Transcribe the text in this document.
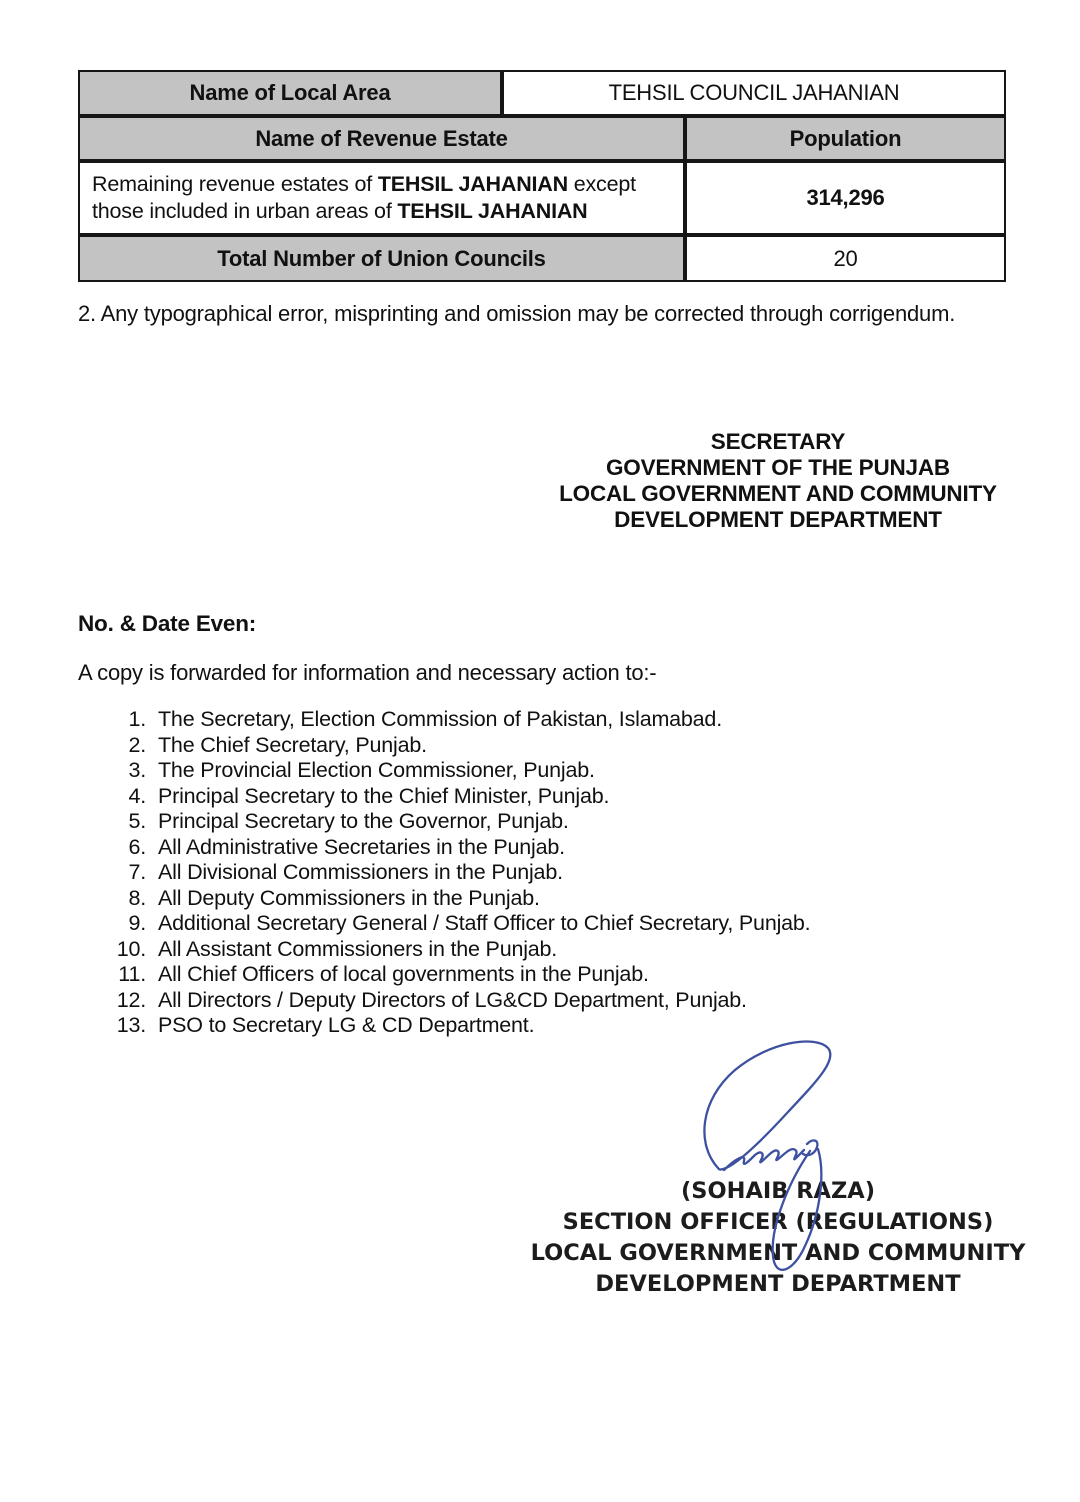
Name of Local Area	TEHSIL COUNCIL JAHANIAN	
Name of Revenue Estate		Population
Remaining revenue estates of TEHSIL JAHANIAN except those included in urban areas of TEHSIL JAHANIAN		314,296
Total Number of Union Councils		20
2. Any typographical error, misprinting and omission may be corrected through corrigendum.
SECRETARY
GOVERNMENT OF THE PUNJAB
LOCAL GOVERNMENT AND COMMUNITY
DEVELOPMENT DEPARTMENT
No. & Date Even:
A copy is forwarded for information and necessary action to:-
1. The Secretary, Election Commission of Pakistan, Islamabad.
2. The Chief Secretary, Punjab.
3. The Provincial Election Commissioner, Punjab.
4. Principal Secretary to the Chief Minister, Punjab.
5. Principal Secretary to the Governor, Punjab.
6. All Administrative Secretaries in the Punjab.
7. All Divisional Commissioners in the Punjab.
8. All Deputy Commissioners in the Punjab.
9. Additional Secretary General / Staff Officer to Chief Secretary, Punjab.
10. All Assistant Commissioners in the Punjab.
11. All Chief Officers of local governments in the Punjab.
12. All Directors / Deputy Directors of LG&CD Department, Punjab.
13. PSO to Secretary LG & CD Department.
(SOHAIB RAZA)
SECTION OFFICER (REGULATIONS)
LOCAL GOVERNMENT AND COMMUNITY
DEVELOPMENT DEPARTMENT
